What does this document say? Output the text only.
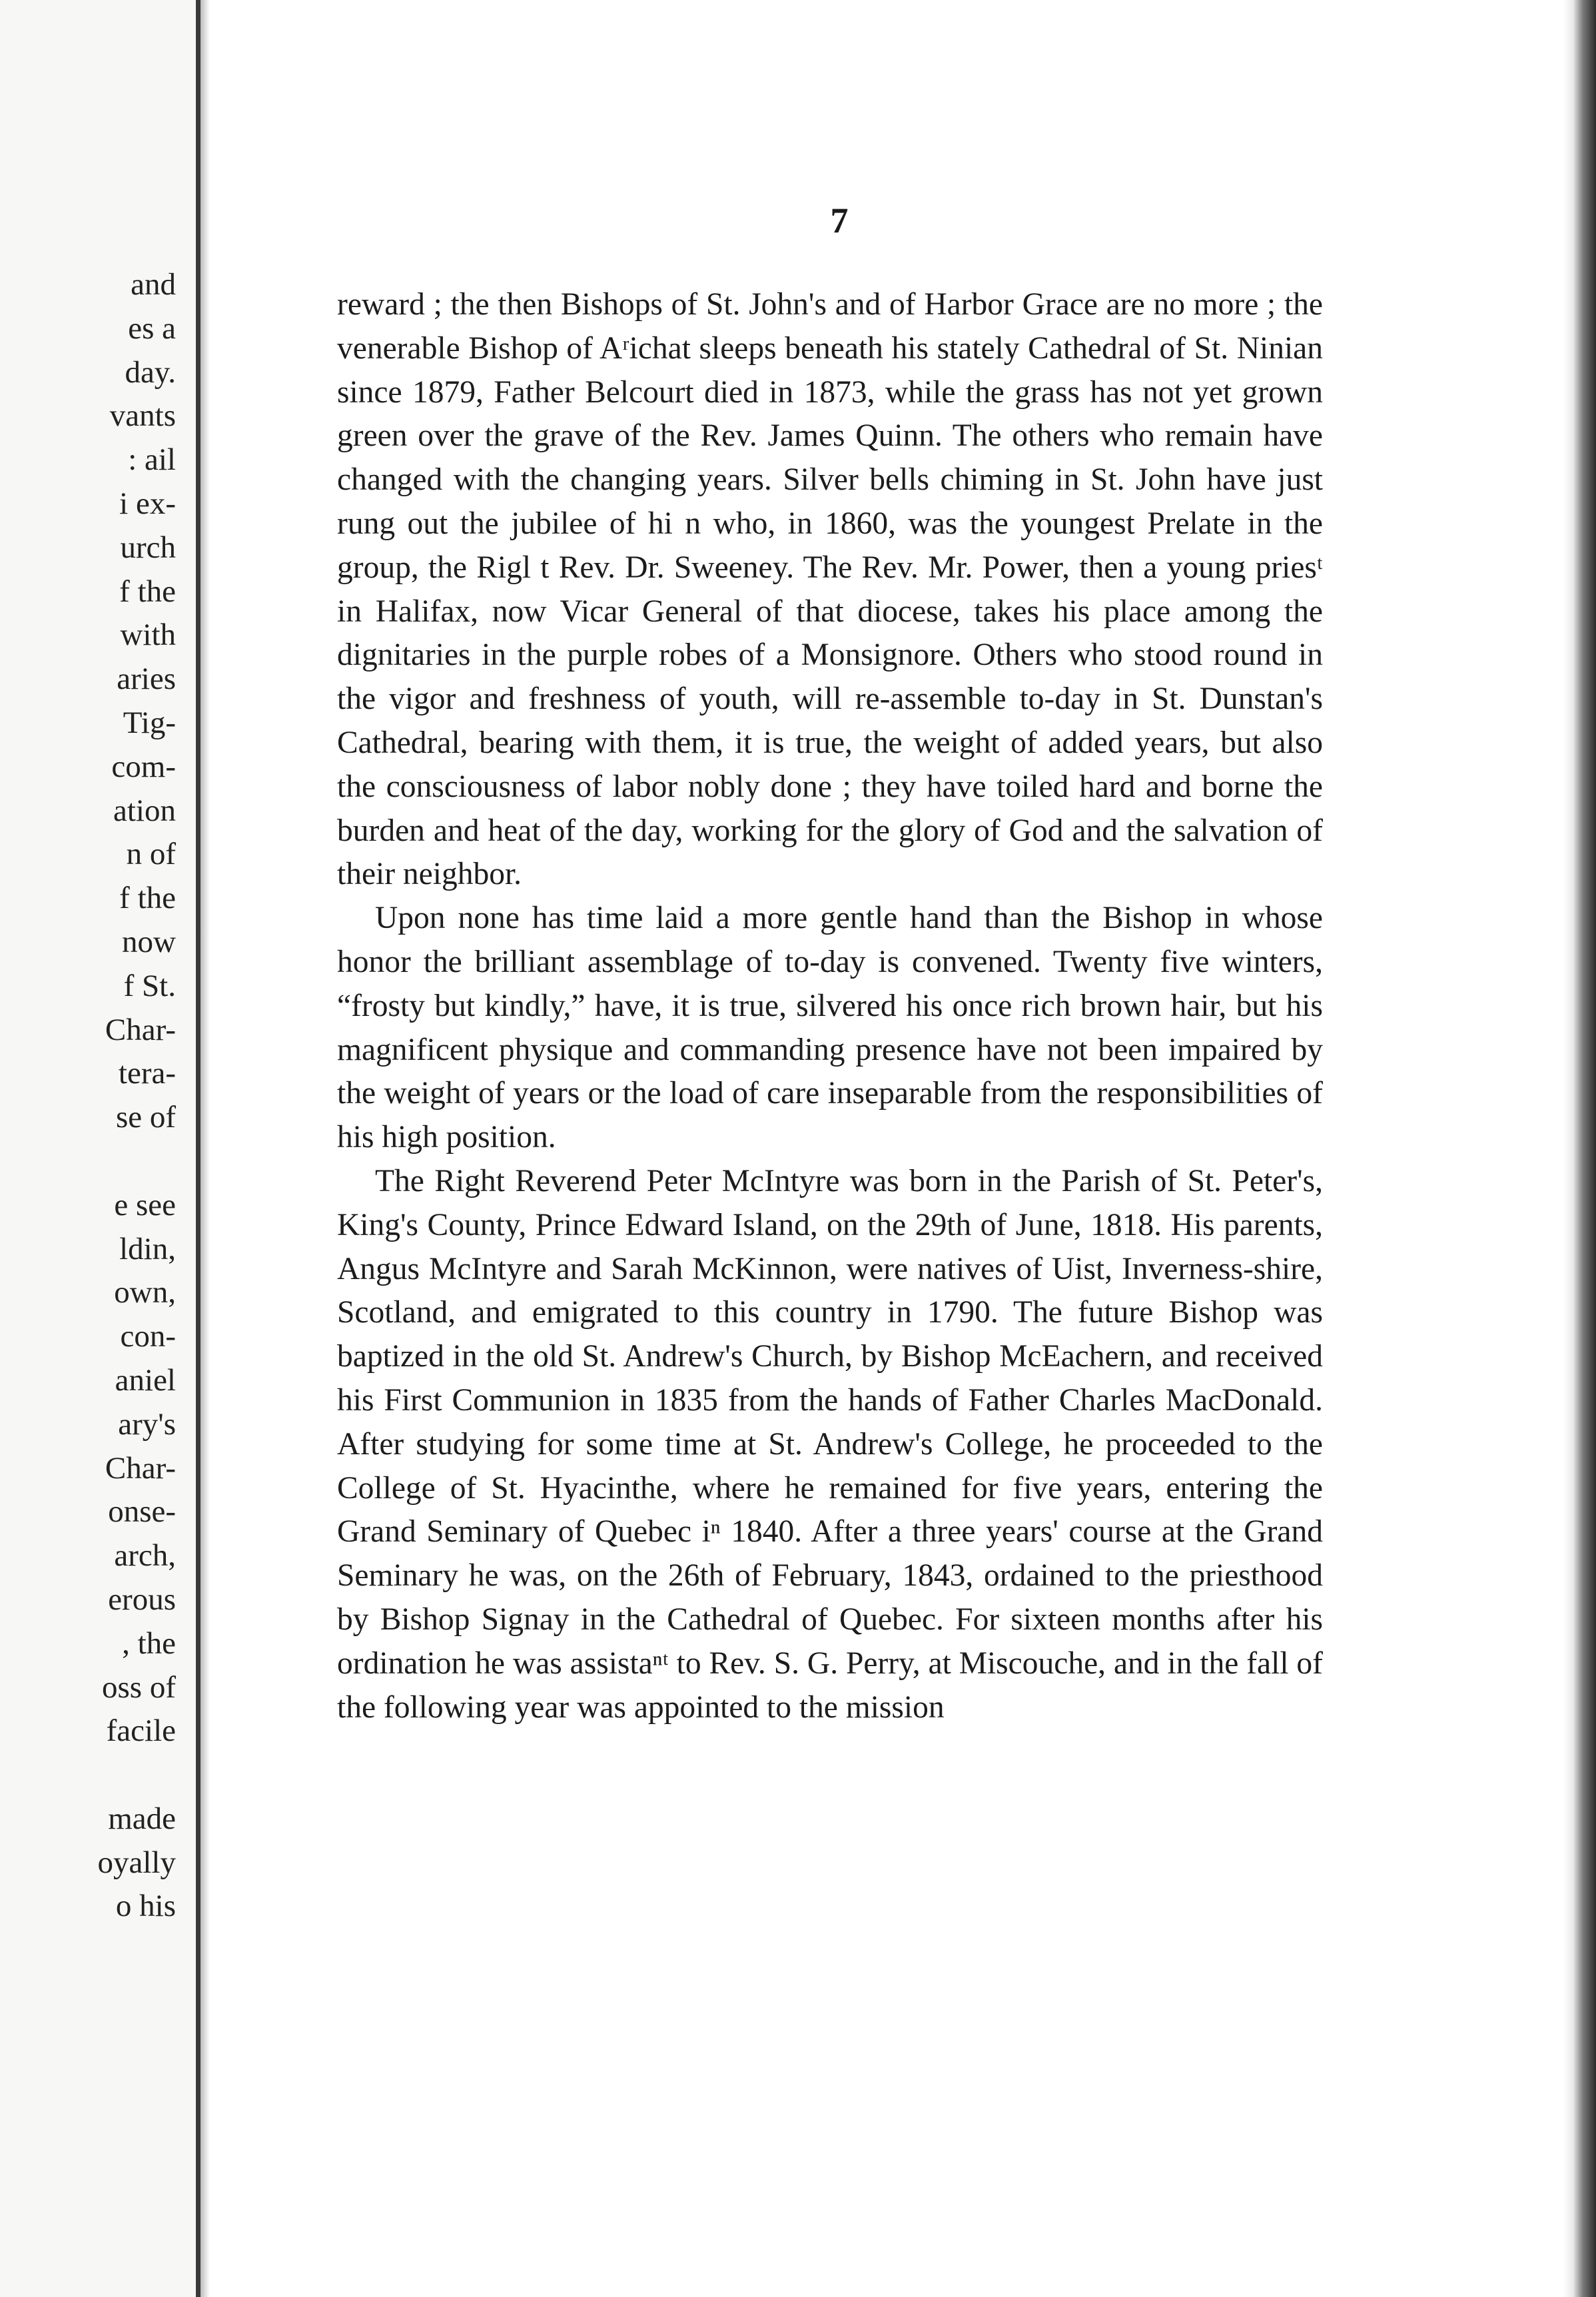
and
es a
day.
vants
: ail
i ex-
urch
f the
with
aries
Tig-
com-
ation
n of
f the
now
f St.
Char-
tera-
se of
e see
ldin,
own,
con-
aniel
ary's
Char-
onse-
arch,
erous
, the
oss of
facile
made
oyally
o his
7

reward ; the then Bishops of St. John's and of Harbor Grace are no more ; the venerable Bishop of Aʳichat sleeps beneath his stately Cathedral of St. Ninian since 1879, Father Belcourt died in 1873, while the grass has not yet grown green over the grave of the Rev. James Quinn. The others who remain have changed with the changing years. Silver bells chiming in St. John have just rung out the jubilee of hi n who, in 1860, was the youngest Prelate in the group, the Rigl t Rev. Dr. Sweeney. The Rev. Mr. Power, then a young priesᵗ in Halifax, now Vicar General of that diocese, takes his place among the dignitaries in the purple robes of a Monsignore. Others who stood round in the vigor and freshness of youth, will re-assemble to-day in St. Dunstan's Cathedral, bearing with them, it is true, the weight of added years, but also the consciousness of labor nobly done ; they have toiled hard and borne the burden and heat of the day, working for the glory of God and the salvation of their neighbor.

Upon none has time laid a more gentle hand than the Bishop in whose honor the brilliant assemblage of to-day is convened. Twenty five winters, “frosty but kindly,” have, it is true, silvered his once rich brown hair, but his magnificent physique and commanding presence have not been impaired by the weight of years or the load of care inseparable from the responsibilities of his high position.

The Right Reverend Peter McIntyre was born in the Parish of St. Peter's, King's County, Prince Edward Island, on the 29th of June, 1818. His parents, Angus McIntyre and Sarah McKinnon, were natives of Uist, Inverness-shire, Scotland, and emigrated to this country in 1790. The future Bishop was baptized in the old St. Andrew's Church, by Bishop McEachern, and received his First Communion in 1835 from the hands of Father Charles MacDonald. After studying for some time at St. Andrew's College, he proceeded to the College of St. Hyacinthe, where he remained for five years, entering the Grand Seminary of Quebec iⁿ 1840. After a three years' course at the Grand Seminary he was, on the 26th of February, 1843, ordained to the priesthood by Bishop Signay in the Cathedral of Quebec. For sixteen months after his ordination he was assistaⁿᵗ to Rev. S. G. Perry, at Miscouche, and in the fall of the following year was appointed to the mission
